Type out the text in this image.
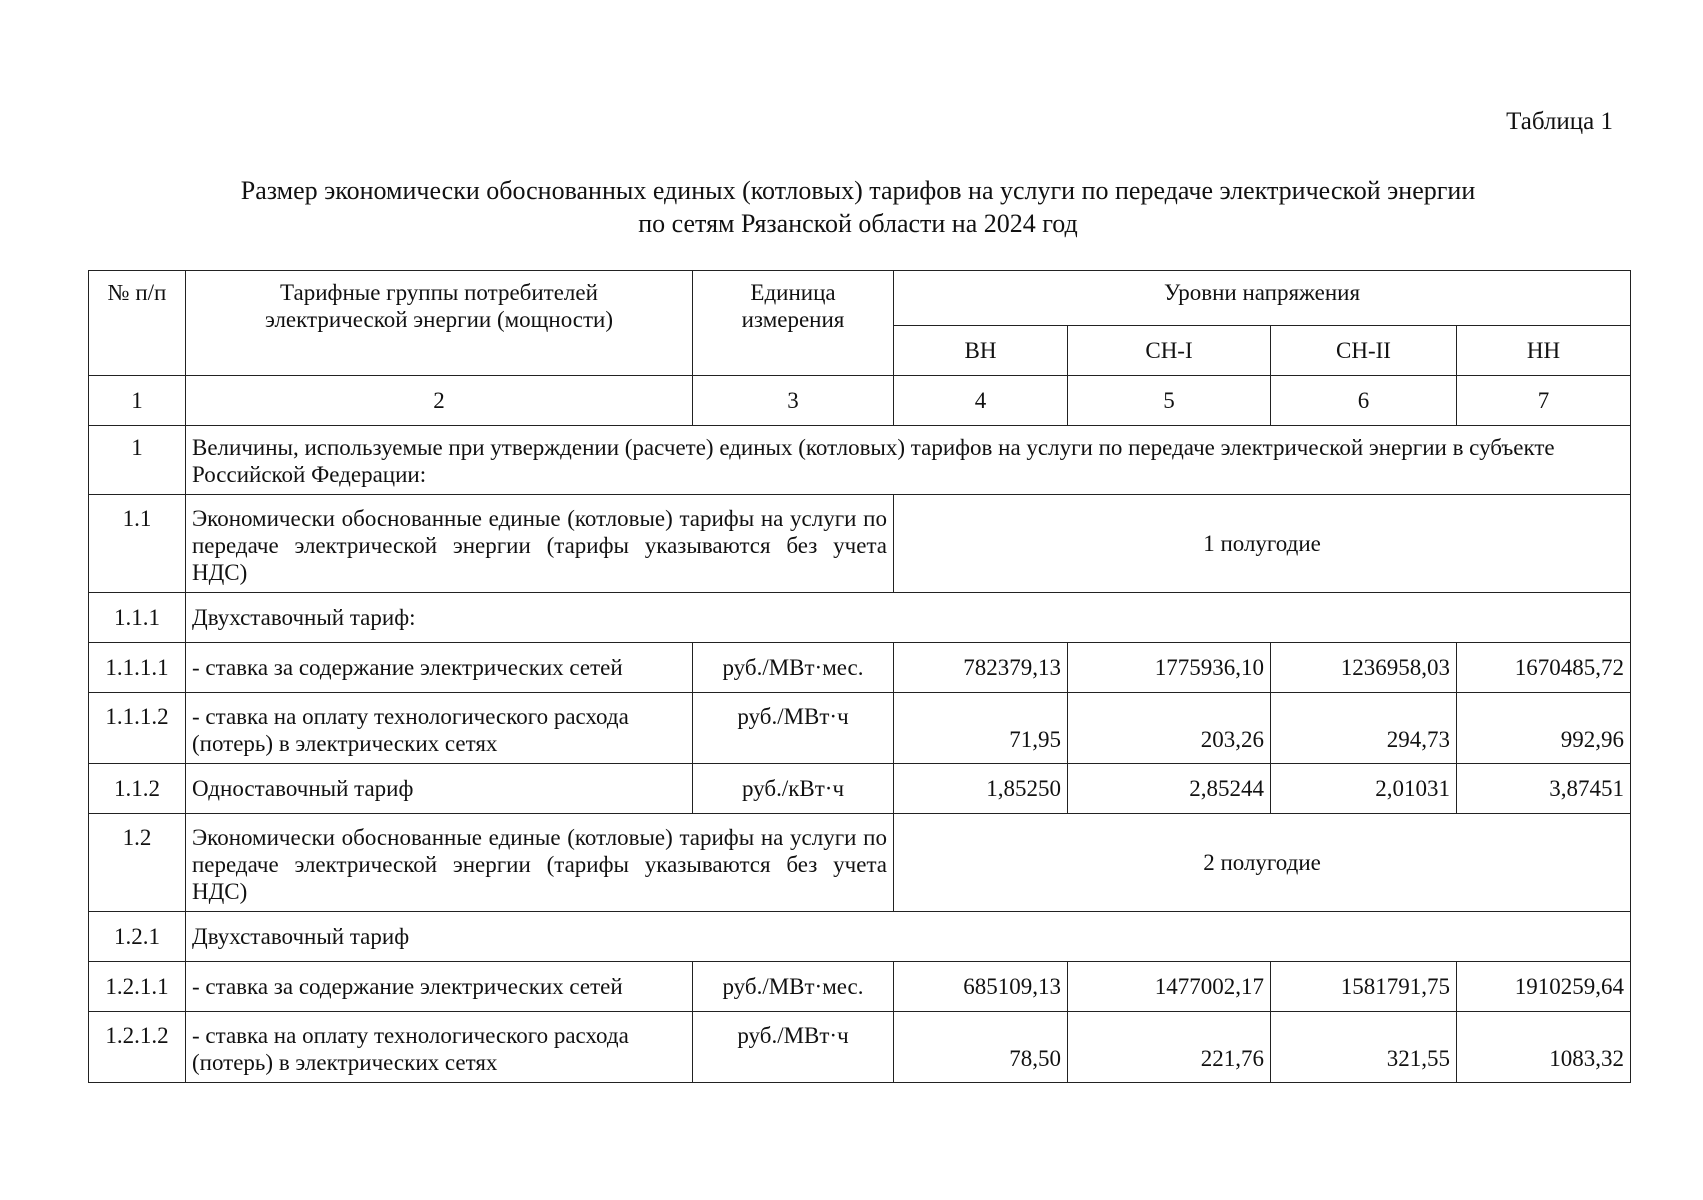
Таблица 1
Размер экономически обоснованных единых (котловых) тарифов на услуги по передаче электрической энергии
по сетям Рязанской области на 2024 год
№ п/п	Тарифные группы потребителей электрической энергии (мощности)	Единица измерения	Уровни напряжения			
			ВН	СН-I	СН-II	НН
1	2	3	4	5	6	7
1	Величины, используемые при утверждении (расчете) единых (котловых) тарифов на услуги по передаче электрической энергии в субъекте Российской Федерации:					
1.1	Экономически обоснованные единые (котловые) тарифы на услуги по передаче электрической энергии (тарифы указываются без учета НДС)		1 полугодие			
1.1.1	Двухставочный тариф:					
1.1.1.1	- ставка за содержание электрических сетей	руб./МВт·мес.	782379,13	1775936,10	1236958,03	1670485,72
1.1.1.2	- ставка на оплату технологического расхода (потерь) в электрических сетях	руб./МВт·ч	71,95	203,26	294,73	992,96
1.1.2	Одноставочный тариф	руб./кВт·ч	1,85250	2,85244	2,01031	3,87451
1.2	Экономически обоснованные единые (котловые) тарифы на услуги по передаче электрической энергии (тарифы указываются без учета НДС)		2 полугодие			
1.2.1	Двухставочный тариф					
1.2.1.1	- ставка за содержание электрических сетей	руб./МВт·мес.	685109,13	1477002,17	1581791,75	1910259,64
1.2.1.2	- ставка на оплату технологического расхода (потерь) в электрических сетях	руб./МВт·ч	78,50	221,76	321,55	1083,32
